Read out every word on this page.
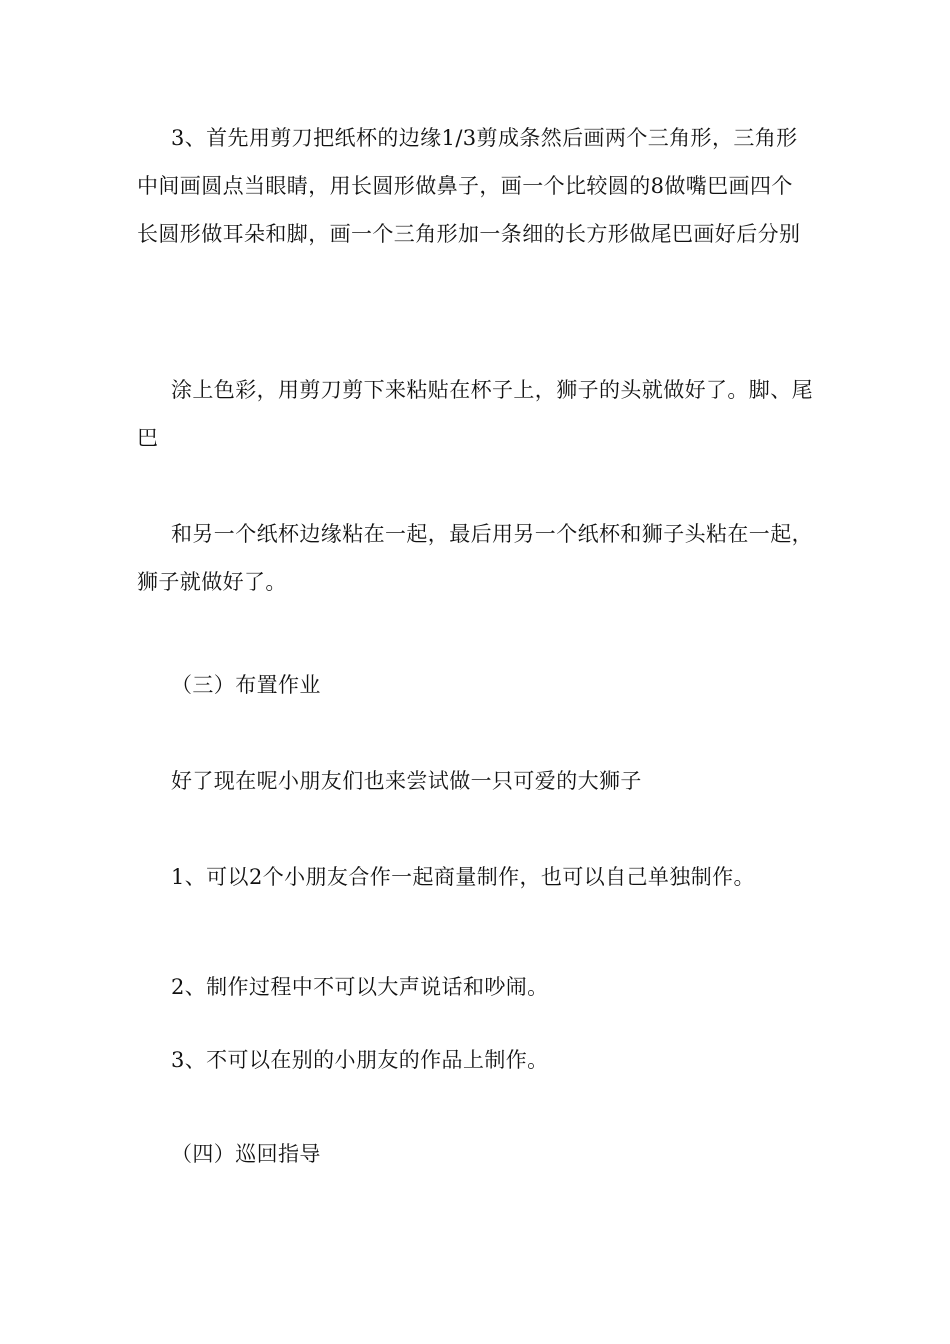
3、首先用剪刀把纸杯的边缘1/3剪成条然后画两个三角形，三角形中间画圆点当眼睛，用长圆形做鼻子，画一个比较圆的8做嘴巴画四个长圆形做耳朵和脚，画一个三角形加一条细的长方形做尾巴画好后分别

涂上色彩，用剪刀剪下来粘贴在杯子上，狮子的头就做好了。脚、尾巴

和另一个纸杯边缘粘在一起，最后用另一个纸杯和狮子头粘在一起，狮子就做好了。

（三）布置作业

好了现在呢小朋友们也来尝试做一只可爱的大狮子

1、可以2个小朋友合作一起商量制作，也可以自己单独制作。

2、制作过程中不可以大声说话和吵闹。

3、不可以在别的小朋友的作品上制作。

（四）巡回指导
